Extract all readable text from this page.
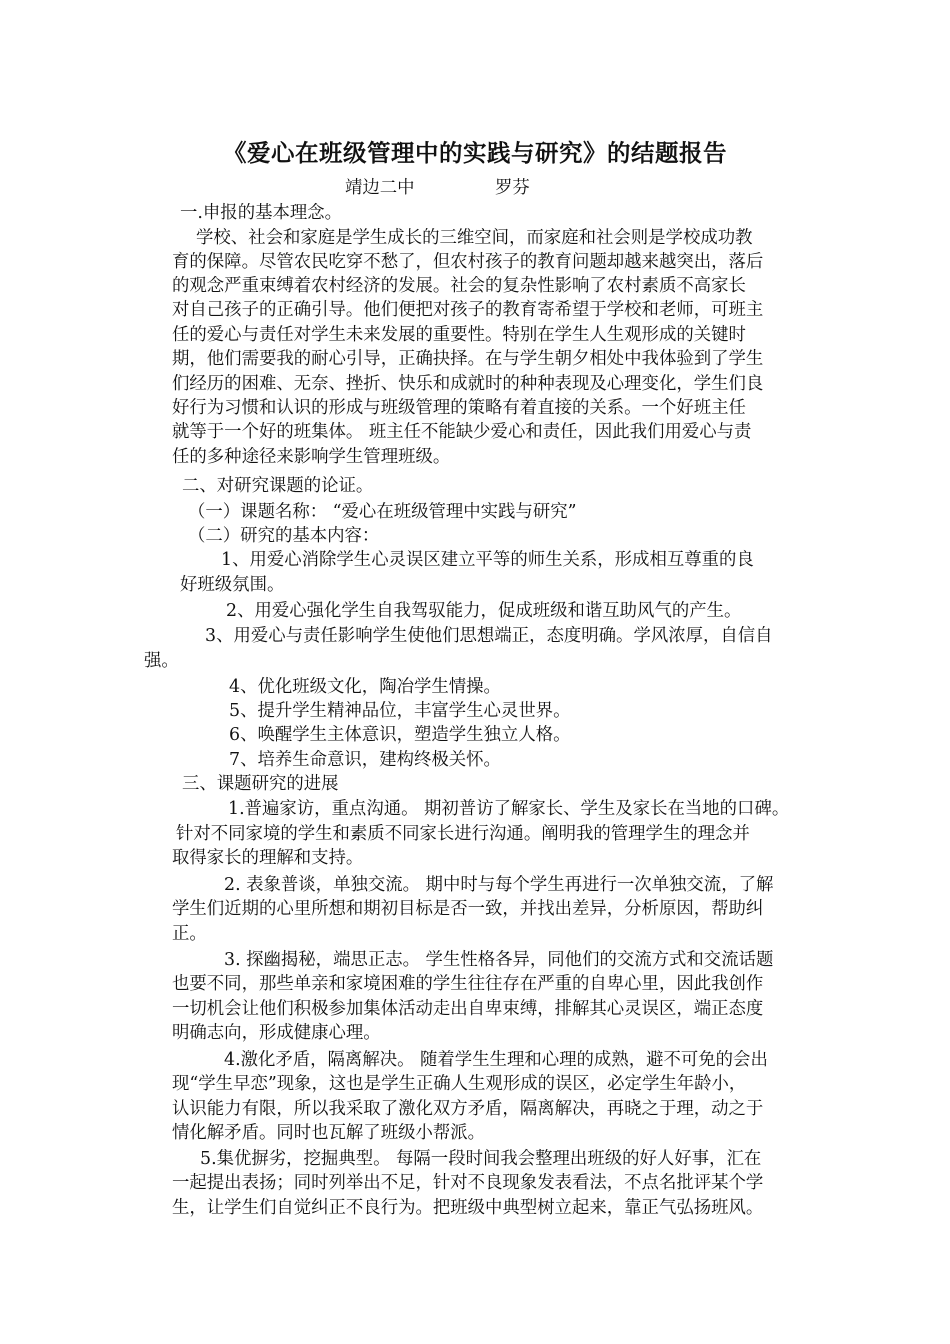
《爱心在班级管理中的实践与研究》的结题报告
靖边二中	罗芬
一.申报的基本理念。
学校、社会和家庭是学生成长的三维空间，而家庭和社会则是学校成功教
育的保障。尽管农民吃穿不愁了，但农村孩子的教育问题却越来越突出，落后
的观念严重束缚着农村经济的发展。社会的复杂性影响了农村素质不高家长
对自己孩子的正确引导。他们便把对孩子的教育寄希望于学校和老师，可班主
任的爱心与责任对学生未来发展的重要性。特别在学生人生观形成的关键时
期，他们需要我的耐心引导，正确抉择。在与学生朝夕相处中我体验到了学生
们经历的困难、无奈、挫折、快乐和成就时的种种表现及心理变化，学生们良
好行为习惯和认识的形成与班级管理的策略有着直接的关系。一个好班主任
就等于一个好的班集体。 班主任不能缺少爱心和责任，因此我们用爱心与责
任的多种途径来影响学生管理班级。
二、对研究课题的论证。
（一）课题名称： “爱心在班级管理中实践与研究”
（二）研究的基本内容：
1、用爱心消除学生心灵误区建立平等的师生关系，形成相互尊重的良
好班级氛围。
2、用爱心强化学生自我驾驭能力，促成班级和谐互助风气的产生。
3、用爱心与责任影响学生使他们思想端正，态度明确。学风浓厚，自信自
强。
4、优化班级文化，陶冶学生情操。
5、提升学生精神品位，丰富学生心灵世界。
6、唤醒学生主体意识，塑造学生独立人格。
7、培养生命意识，建构终极关怀。
三、课题研究的进展
1.普遍家访，重点沟通。 期初普访了解家长、学生及家长在当地的口碑。
针对不同家境的学生和素质不同家长进行沟通。阐明我的管理学生的理念并
取得家长的理解和支持。
2. 表象普谈，单独交流。 期中时与每个学生再进行一次单独交流，了解
学生们近期的心里所想和期初目标是否一致，并找出差异，分析原因，帮助纠
正。
3. 探幽揭秘，端思正志。 学生性格各异，同他们的交流方式和交流话题
也要不同，那些单亲和家境困难的学生往往存在严重的自卑心里，因此我创作
一切机会让他们积极参加集体活动走出自卑束缚，排解其心灵误区，端正态度
明确志向，形成健康心理。
4.激化矛盾，隔离解决。 随着学生生理和心理的成熟，避不可免的会出
现“学生早恋”现象，这也是学生正确人生观形成的误区，必定学生年龄小，
认识能力有限，所以我采取了激化双方矛盾，隔离解决，再晓之于理，动之于
情化解矛盾。同时也瓦解了班级小帮派。
5.集优摒劣，挖掘典型。 每隔一段时间我会整理出班级的好人好事，汇在
一起提出表扬；同时列举出不足，针对不良现象发表看法，不点名批评某个学
生，让学生们自觉纠正不良行为。把班级中典型树立起来，靠正气弘扬班风。
